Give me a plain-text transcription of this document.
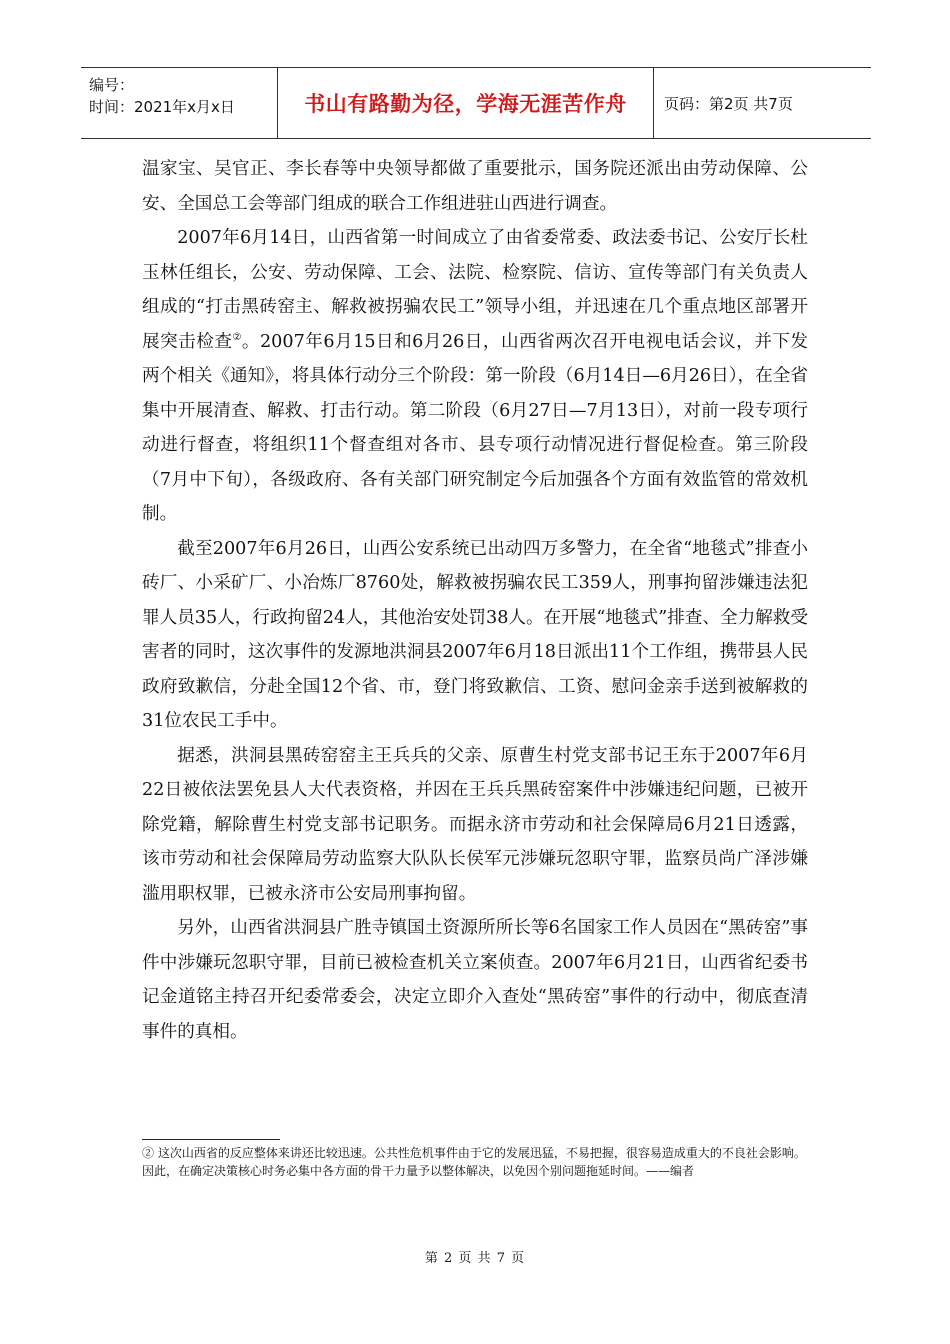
编号：
时间：2021年x月x日	书山有路勤为径，学海无涯苦作舟	页码：第2页 共7页

温家宝、吴官正、李长春等中央领导都做了重要批示，国务院还派出由劳动保障、公安、全国总工会等部门组成的联合工作组进驻山西进行调查。

2007年6月14日，山西省第一时间成立了由省委常委、政法委书记、公安厅长杜玉林任组长，公安、劳动保障、工会、法院、检察院、信访、宣传等部门有关负责人组成的“打击黑砖窑主、解救被拐骗农民工”领导小组，并迅速在几个重点地区部署开展突击检查②。2007年6月15日和6月26日，山西省两次召开电视电话会议，并下发两个相关《通知》，将具体行动分三个阶段：第一阶段（6月14日—6月26日），在全省集中开展清查、解救、打击行动。第二阶段（6月27日—7月13日），对前一段专项行动进行督查，将组织11个督查组对各市、县专项行动情况进行督促检查。第三阶段（7月中下旬），各级政府、各有关部门研究制定今后加强各个方面有效监管的常效机制。

截至2007年6月26日，山西公安系统已出动四万多警力，在全省“地毯式”排查小砖厂、小采矿厂、小冶炼厂8760处，解救被拐骗农民工359人，刑事拘留涉嫌违法犯罪人员35人，行政拘留24人，其他治安处罚38人。在开展“地毯式”排查、全力解救受害者的同时，这次事件的发源地洪洞县2007年6月18日派出11个工作组，携带县人民政府致歉信，分赴全国12个省、市，登门将致歉信、工资、慰问金亲手送到被解救的31位农民工手中。

据悉，洪洞县黑砖窑窑主王兵兵的父亲、原曹生村党支部书记王东于2007年6月22日被依法罢免县人大代表资格，并因在王兵兵黑砖窑案件中涉嫌违纪问题，已被开除党籍，解除曹生村党支部书记职务。而据永济市劳动和社会保障局6月21日透露，该市劳动和社会保障局劳动监察大队队长侯军元涉嫌玩忽职守罪，监察员尚广泽涉嫌滥用职权罪，已被永济市公安局刑事拘留。

另外，山西省洪洞县广胜寺镇国土资源所所长等6名国家工作人员因在“黑砖窑”事件中涉嫌玩忽职守罪，目前已被检查机关立案侦查。2007年6月21日，山西省纪委书记金道铭主持召开纪委常委会，决定立即介入查处“黑砖窑”事件的行动中，彻底查清事件的真相。

② 这次山西省的反应整体来讲还比较迅速。公共性危机事件由于它的发展迅猛，不易把握，很容易造成重大的不良社会影响。因此，在确定决策核心时务必集中各方面的骨干力量予以整体解决，以免因个别问题拖延时间。——编者
第 2 页 共 7 页
